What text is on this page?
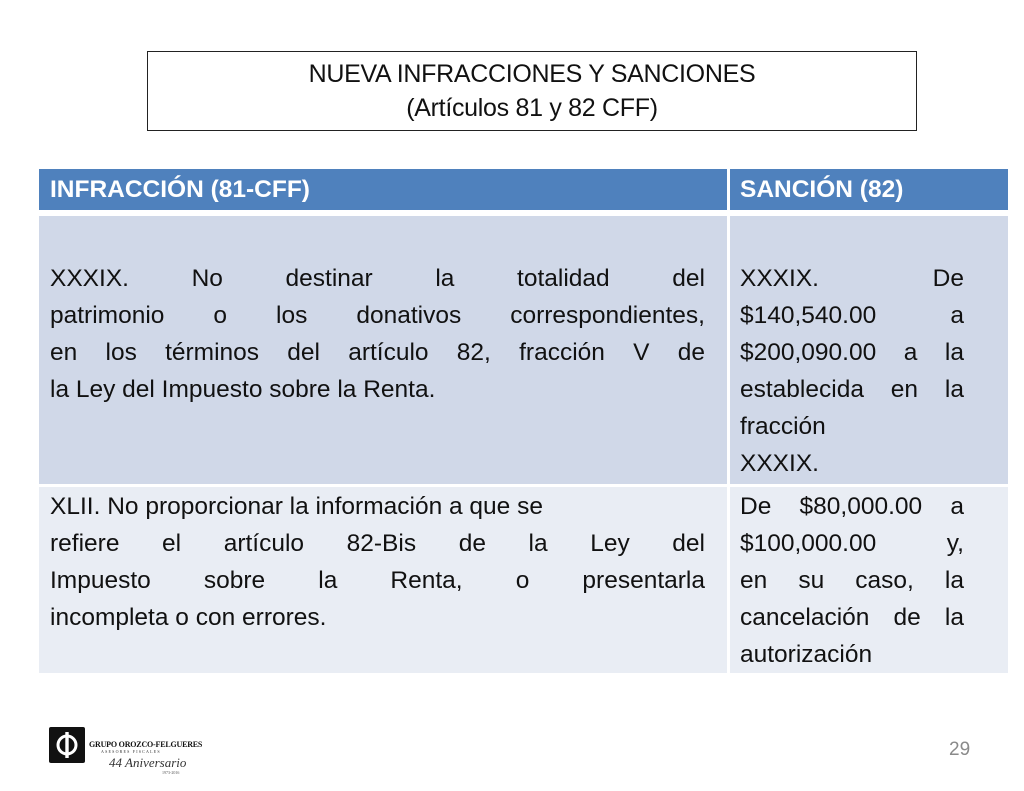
NUEVA INFRACCIONES Y SANCIONES
(Artículos 81 y 82 CFF)
INFRACCIÓN (81-CFF)	SANCIÓN (82)
XXXIX. No destinar la totalidad del
patrimonio o los donativos correspondientes,
en los términos del artículo 82, fracción V de
la Ley del Impuesto sobre la Renta.
XXXIX. De
$140,540.00 a
$200,090.00 a la
establecida en la
fracción
XXXIX.
XLII. No proporcionar la información a que se
refiere el artículo 82-Bis de la Ley del
Impuesto sobre la Renta, o presentarla
incompleta o con errores.
De $80,000.00 a
$100,000.00 y,
en su caso, la
cancelación de la
autorización
GRUPO OROZCO-FELGUERES
ASESORES FISCALES
44 Aniversario
1973-2016
29
